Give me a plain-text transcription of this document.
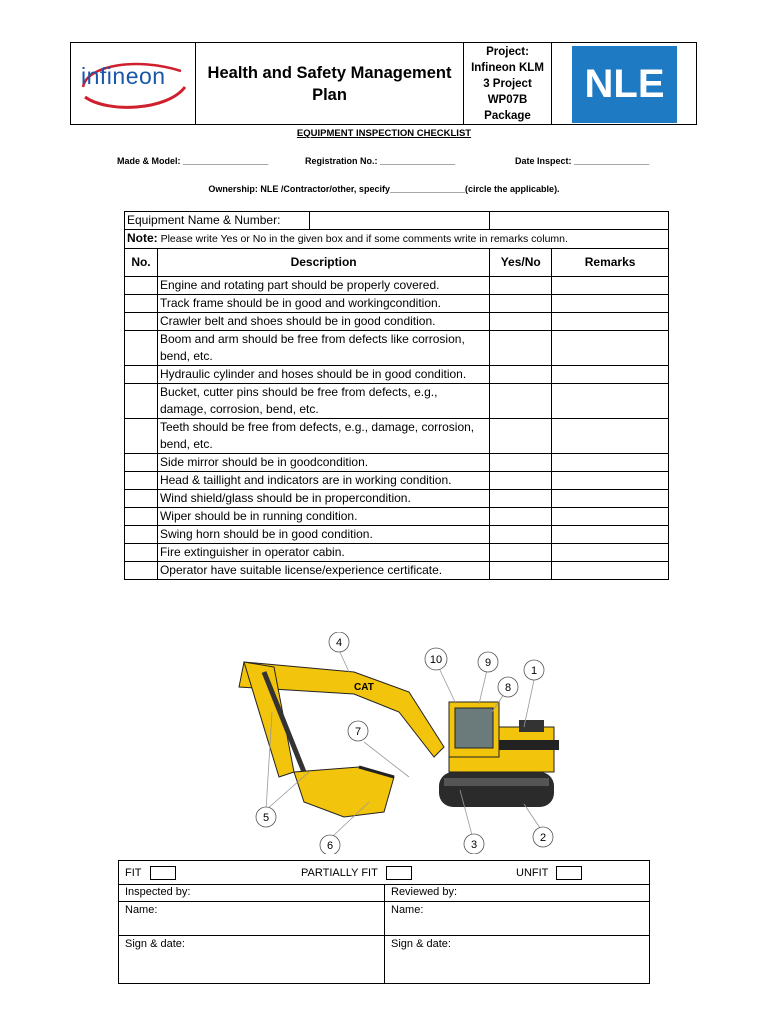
infineon	Health and Safety Management Plan
Project:
Infineon KLM
3 Project
WP07B
Package
NLE
EQUIPMENT INSPECTION CHECKLIST
Made & Model: _________________	Registration No.: _______________	Date Inspect: _______________
Ownership: NLE /Contractor/other, specify_______________(circle the applicable).
Equipment Name & Number:		

Note: Please write Yes or No in the given box and if some comments write in remarks column.			
No.	Description	Yes/No	Remarks
	Engine and rotating part should be properly covered.		
	Track frame should be in good and workingcondition.		
	Crawler belt and shoes should be in good condition.		
	Boom and arm should be free from defects like corrosion, bend, etc.		
	Hydraulic cylinder and hoses should be in good condition.		
	Bucket, cutter pins should be free from defects, e.g., damage, corrosion, bend, etc.		
	Teeth should be free from defects, e.g., damage, corrosion, bend, etc.		
	Side mirror should be in goodcondition.		
	Head & taillight and indicators are in working condition.		
	Wind shield/glass should be in propercondition.		
	Wiper should be in running condition.		
	Swing horn should be in good condition.		
	Fire extinguisher in operator cabin.		
	Operator have suitable license/experience certificate.		
CAT
1
2
3
4
5
6
7
8
9
10
FIT	PARTIALLY FIT	UNFIT
Inspected by:	Reviewed by:
Name:	Name:
Sign & date:	Sign & date:
